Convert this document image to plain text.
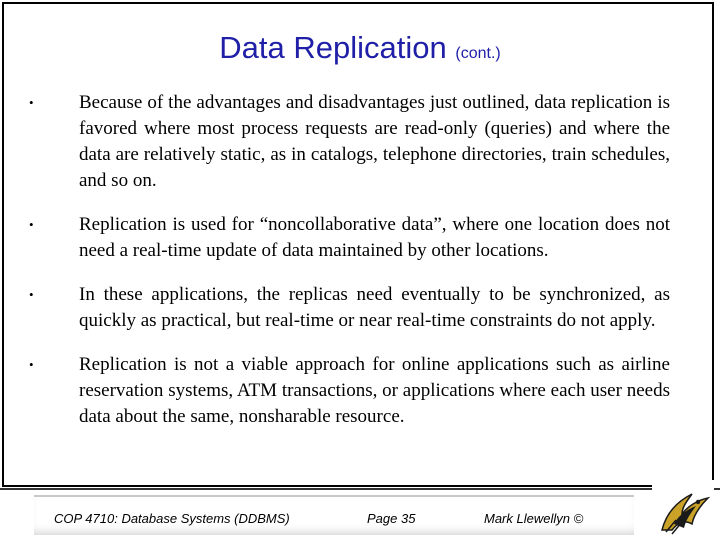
Data Replication (cont.)
• Because of the advantages and disadvantages just outlined, data replication is favored where most process requests are read-only (queries) and where the data are relatively static, as in catalogs, telephone directories, train schedules, and so on.
• Replication is used for “noncollaborative data”, where one location does not need a real-time update of data maintained by other locations.
• In these applications, the replicas need eventually to be synchronized, as quickly as practical, but real-time or near real-time constraints do not apply.
• Replication is not a viable approach for online applications such as airline reservation systems, ATM transactions, or applications where each user needs data about the same, nonsharable resource.
COP 4710: Database Systems (DDBMS)	Page 35	Mark Llewellyn ©
